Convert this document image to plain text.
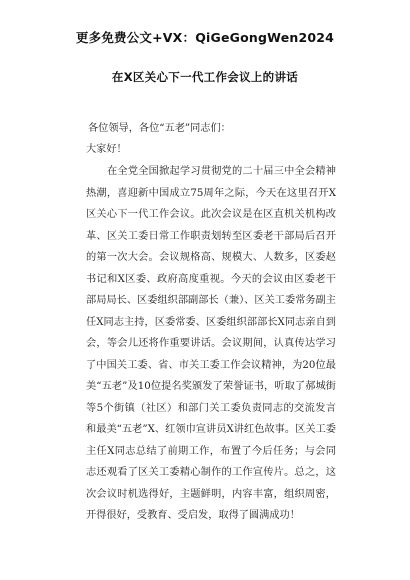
更多免费公文+VX：QiGeGongWen2024
在X区关心下一代工作会议上的讲话
各位领导，各位“五老”同志们：
大家好！
在全党全国掀起学习贯彻党的二十届三中全会精神热潮，喜迎新中国成立75周年之际，今天在这里召开X区关心下一代工作会议。此次会议是在区直机关机构改革、区关工委日常工作职责划转至区委老干部局后召开的第一次大会。会议规格高、规模大、人数多，区委赵书记和X区委、政府高度重视。今天的会议由区委老干部局局长、区委组织部副部长（兼）、区关工委常务副主任X同志主持，区委常委、区委组织部部长X同志亲自到会，等会儿还将作重要讲话。会议期间，认真传达学习了中国关工委、省、市关工委工作会议精神，为20位最美“五老”及10位提名奖颁发了荣誉证书，听取了郝城街等5个街镇（社区）和部门关工委负责同志的交流发言和最美“五老”X、红领巾宣讲员X讲红色故事。区关工委主任X同志总结了前期工作，布置了今后任务；与会同志还观看了区关工委精心制作的工作宣传片。总之，这次会议时机选得好，主题鲜明，内容丰富，组织周密，开得很好，受教育、受启发，取得了圆满成功！
